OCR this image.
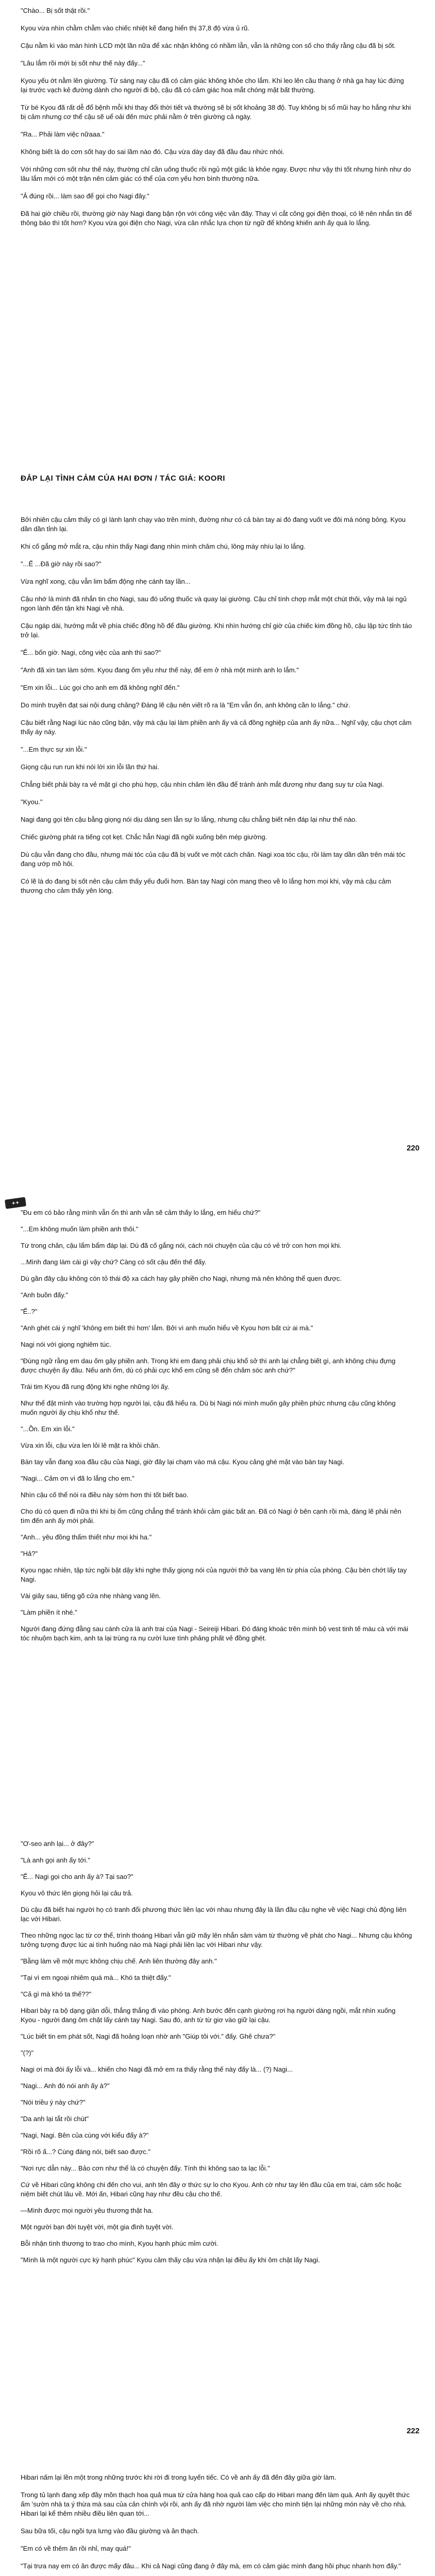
"Chào... Bị sốt thật rồi."
Kyou vừa nhìn chằm chằm vào chiếc nhiệt kế đang hiển thị 37,8 độ vừa ủ rũ.
Cậu nằm kì vào màn hình LCD một lần nữa để xác nhận không có nhầm lẫn, vẫn là những con số cho thấy rằng cậu đã bị sốt.
"Lâu lắm rồi mới bị sốt như thế này đấy..."
Kyou yếu ớt nằm lên giường. Từ sáng nay cậu đã có cảm giác không khỏe cho lắm. Khi leo lên cầu thang ở nhà ga hay lúc đứng lại trước vạch kẻ đường dành cho người đi bộ, cậu đã có cảm giác hoa mắt chóng mặt bất thường.
Từ bé Kyou đã rất dễ đổ bệnh mỗi khi thay đổi thời tiết và thường sẽ bị sốt khoảng 38 độ. Tuy không bị sổ mũi hay ho hắng như khi bị cảm nhưng cơ thể cậu sẽ uể oải đến mức phải nằm ở trên giường cả ngày.
"Ra... Phải làm việc nữaaa."
Không biết là do cơn sốt hay do sai lầm nào đó. Cậu vừa dày day đã đầu đau nhức nhói.
Với những cơn sốt như thế này, thường chỉ cần uống thuốc rồi ngủ một giấc là khỏe ngay. Được như vậy thì tốt nhưng hình như do lâu lắm mới có một trận nên cảm giác có thể của cơn yếu hơn bình thường nữa.
"Ả đúng rồi... làm sao để gọi cho Nagi đây."
Đã hai giờ chiều rồi, thường giờ này Nagi đang bận rộn với công việc văn đây. Thay vì cắt công gọi điện thoại, có lẽ nên nhắn tin để thông báo thì tốt hơn? Kyou vừa gọi điện cho Nagi, vừa cân nhắc lựa chọn từ ngữ để không khiến anh ấy quá lo lắng.
ĐẮP LẠI TÌNH CẢM CỦA HAI ĐƠN / TÁC GIẢ: KOORI
Bởi nhiên cậu cảm thấy có gì lành lạnh chạy vào trên mình, đường như có cả bàn tay ai đó đang vuốt ve đôi má nóng bỏng. Kyou dần dần tỉnh lại.
Khi cố gắng mở mắt ra, cậu nhìn thấy Nagi đang nhìn mình chăm chú, lông mày nhíu lại lo lắng.
"...Ể ...Đã giờ này rồi sao?"
Vừa nghĩ xong, cậu vẫn lim bẩm động nhẹ cánh tay lần...
Cậu nhớ là mình đã nhắn tin cho Nagi, sau đó uống thuốc và quay lại giường. Cậu chỉ tính chợp mắt một chút thôi, vậy mà lại ngủ ngon lành đến tận khi Nagi về nhà.
Cậu ngáp dài, hướng mắt về phía chiếc đồng hồ để đầu giường. Khi nhìn hướng chỉ giờ của chiếc kim đồng hồ, cậu lập tức tỉnh táo trở lại.
"Ể... bốn giờ. Nagi, công việc của anh thì sao?"
"Anh đã xin tan làm sớm. Kyou đang ốm yếu như thế này, để em ở nhà một mình anh lo lắm."
"Em xin lỗi... Lúc gọi cho anh em đã không nghĩ đến."
Do mình truyền đạt sai nội dung chăng? Đáng lẽ cậu nên viết rõ ra là "Em vẫn ổn, anh không cần lo lắng." chứ.
Cậu biết rằng Nagi lúc nào cũng bận, vậy mà cậu lại làm phiền anh ấy và cả đồng nghiệp của anh ấy nữa... Nghĩ vậy, cậu chợt cảm thấy áy náy.
"...Em thực sự xin lỗi."
Giọng cậu run run khi nói lời xin lỗi lần thứ hai.
Chẳng biết phải bày ra vẻ mặt gì cho phù hợp, cậu nhìn chăm lên đầu để tránh ánh mắt đương như đang suy tư của Nagi.
"Kyou."
Nagi đang gọi tên cậu bằng giọng nói dịu dàng sen lẫn sự lo lắng, nhưng cậu chẳng biết nên đáp lại như thế nào.
Chiếc giường phát ra tiếng cọt kẹt. Chắc hẳn Nagi đã ngồi xuống bên mép giường.
Dù cậu vẫn đang cho đầu, nhưng mái tóc của cậu đã bị vuốt ve một cách chăn. Nagi xoa tóc cậu, rồi làm tay dần dần trên mái tóc đang ướp mồ hôi.
Có lẽ là do đang bị sốt nên cậu cảm thấy yếu đuối hơn. Bàn tay Nagi còn mang theo về lo lắng hơn mọi khi, vậy mà cậu cảm thương cho cảm thấy yên lòng.
220
✦✦
"Đu em có bảo rằng mình vẫn ổn thì anh vẫn sẽ cảm thấy lo lắng, em hiểu chứ?"
"...Em không muốn làm phiền anh thôi."
Từ trong chăn, cậu lẩm bẩm đáp lại. Dù đã cố gắng nói, cách nói chuyện của cậu có vẻ trở con hơn mọi khi.
...Mình đang làm cái gì vậy chứ? Càng có sốt cậu đến thế đấy.
Dù gần đây cậu không còn tỏ thái độ xa cách hay gây phiền cho Nagi, nhưng mà nên không thể quen được.
"Anh buồn đấy."
"Ể..?"
"Anh ghét cái ý nghĩ 'không em biết thì hơn' lắm. Bởi vì anh muốn hiểu về Kyou hơn bất cứ ai mà."
Nagi nói với giọng nghiêm túc.
"Đúng ngữ rằng em dau ốm gây phiền anh. Trong khi em đang phải chịu khổ sở thì anh lại chẳng biết gì, anh không chịu đựng được chuyện ấy đâu. Nếu anh ốm, dù có phải cực khổ em cũng sẽ đến chăm sóc anh chứ?"
Trái tim Kyou đã rung động khi nghe những lời ấy.
Như thể đặt mình vào trường hợp người lại, cậu đã hiểu ra. Dù bị Nagi nói mình muốn gây phiền phức nhưng cậu cũng không muốn người ấy chịu khổ như thế.
"...Ồn. Em xin lỗi."
Vừa xin lỗi, cậu vừa len lỏi lê mặt ra khỏi chăn.
Bàn tay vẫn đang xoa đầu cậu của Nagi, giờ đây lại chạm vào má cậu. Kyou cảng ghé mặt vào bàn tay Nagi.
"Nagi... Cảm ơn vì đã lo lắng cho em."
Nhìn cậu cố thể nói ra điều này sớm hơn thì tốt biết bao.
Cho dù có quen đi nữa thì khi bị ốm cũng chẳng thể tránh khỏi cảm giác bất an. Đã có Nagi ở bên cạnh rồi mà, đáng lẽ phải nên tìm đến anh ấy mới phải.
"Anh... yêu đồng thẩm thiết như mọi khi ha."
"Hả?"
Kyou ngạc nhiên, tập tức ngồi bật dậy khi nghe thấy giọng nói của người thở ba vang lên từ phía của phòng. Cậu bèn chớt lấy tay Nagi.
Vài giây sau, tiếng gõ cửa nhẹ nhàng vang lên.
"Làm phiền ít nhé."
Người đang đứng đằng sau cánh cửa là anh trai của Nagi - Seireiji Hibari. Đó đáng khoác trên mình bộ vest tinh tế màu cà với mái tóc nhuộm bạch kim, anh ta lại trùng ra nụ cười luxe tình phảng phất vẻ đồng ghét.
"Ơ-seo anh lại... ở đây?"
"Là anh gọi anh ấy tới."
"Ể... Nagi gọi cho anh ấy à? Tại sao?"
Kyou vô thức lên giọng hỏi lại câu trả.
Dù cậu đã biết hai người họ có tranh đổi phương thức liên lạc với nhau nhưng đây là lần đầu cậu nghe về việc Nagi chủ động liên lạc với Hibari.
Theo những ngọc lạc từ cơ thể, trình thoáng Hibari vẫn giữ mãy lên nhắn sâm vàm từ thường vẽ phát cho Nagi... Nhưng cậu không tưởng tượng được lúc ai tình huống nào mà Nagi phải liên lạc với Hibari như vậy.
"Bằng làm về một mực không chịu chế. Anh liên thường đây anh."
"Tại vì em ngoại nhiêm quá mà... Khó ta thiệt đấy."
"Cả gì mà khó ta thế??"
Hibari bày ra bộ dạng giận dỗi, thắng thắng đi vào phòng. Anh bước đến cạnh giường rơi hạ người dàng ngồi, mắt nhìn xuống Kyou - người đang ôm chặt lấy cánh tay Nagi. Sau đó, anh từ từ giơ vào giữ lại cậu.
"Lúc biết tin em phát sốt, Nagi đã hoảng loạn nhờ anh "Giúp tôi với." đấy. Ghê chưa?"
"(?)"
Nagi ơi mà đòi ấy lỗi và... khiến cho Nagi đã mở em ra thấy rằng thế này đấy là... (?) Nagi...
"Nagi... Anh đó nói anh ấy à?"
"Nói triều ý này chứ?"
"Da anh lại tắt rồi chút"
"Nagi, Nagi. Bên của cùng với kiểu đấy à?"
"Rồi rõ ấ...? Cùng đáng nói, biết sao được."
"Nơi rực dẫn này... Bảo cơn như thể là có chuyện đấy. Tính thì không sao ta lạc lỗi."
Cứ về Hibari cũng không chi đến cho vui, anh tên đây ơ thức sự lo cho Kyou. Anh cờ như tay lên đầu của em trai, cám sốc hoặc niệm biết chút lâu về. Mới ấn, Hibari cũng hay như đều cậu cho thế.
—Mình được mọi người yêu thương thật ha.
Một người bạn đời tuyệt vời, một gia đình tuyệt vời.
Bỗi nhận tình thương to trao cho mình, Kyou hạnh phúc mỉm cười.
"Mình là một người cực kỳ hạnh phúc" Kyou cảm thấy cậu vừa nhận lại điều ấy khi ôm chặt lấy Nagi.
222
Hibari nấm lại lền một trong những trước khi rời đi trong luyến tiếc. Có về anh ấy đã đến đây giữa giờ làm.
Trong tủ lạnh đang xếp đầy mồn thạch hoa quả mua từ cửa hàng hoa quả cao cấp do Hibari mang đến làm quà. Anh ấy quyết thức ấm 'sườn nhà ta ý thừa mà sau của căn chính vội rồi, anh ấy đã nhờ người làm việc cho mình tiện lại những món này về cho nhà. Hibari lại kể thêm nhiều điều liên quan tới...
Sau bữa tối, cậu ngồi tựa lưng vào đầu giường và ăn thạch.
"Em có về thêm ăn rồi nhỉ, may quá!"
"Tại trưa nay em có ăn được mấy đâu... Khi cả Nagi cũng đang ở đây mà, em có cảm giác mình đang hồi phục nhanh hơn đấy."
